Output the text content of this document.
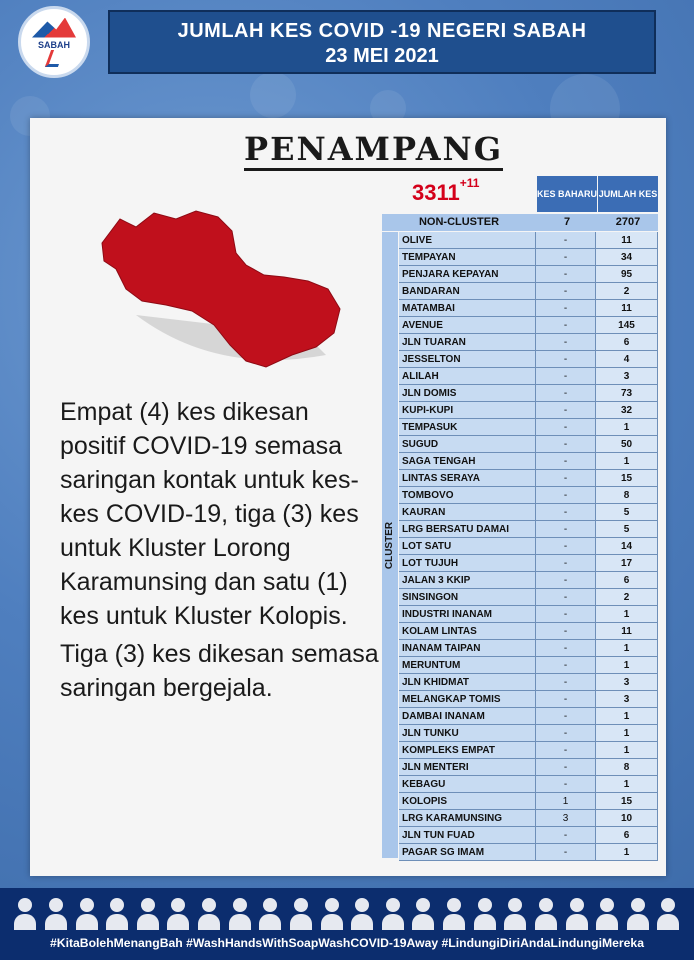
SABAH
JUMLAH KES COVID -19 NEGERI SABAH
23 MEI 2021
PENAMPANG

Empat (4) kes dikesan positif COVID-19 semasa saringan kontak untuk kes-kes COVID-19, tiga (3) kes untuk Kluster Lorong Karamunsing dan satu (1) kes untuk Kluster Kolopis.

Tiga (3) kes dikesan semasa saringan bergejala.

$3311^{+11}$
KES BAHARU JUMLAH KES
NON-CLUSTER	7	2707
CLUSTER
OLIVE	-	11
TEMPAYAN	-	34
PENJARA KEPAYAN	-	95
BANDARAN	-	2
MATAMBAI	-	11
AVENUE	-	145
JLN TUARAN	-	6
JESSELTON	-	4
ALILAH	-	3
JLN DOMIS	-	73
KUPI-KUPI	-	32
TEMPASUK	-	1
SUGUD	-	50
SAGA TENGAH	-	1
LINTAS SERAYA	-	15
TOMBOVO	-	8
KAURAN	-	5
LRG BERSATU DAMAI	-	5
LOT SATU	-	14
LOT TUJUH	-	17
JALAN 3 KKIP	-	6
SINSINGON	-	2
INDUSTRI INANAM	-	1
KOLAM LINTAS	-	11
INANAM TAIPAN	-	1
MERUNTUM	-	1
JLN KHIDMAT	-	3
MELANGKAP TOMIS	-	3
DAMBAI INANAM	-	1
JLN TUNKU	-	1
KOMPLEKS EMPAT	-	1
JLN MENTERI	-	8
KEBAGU	-	1
KOLOPIS	1	15
LRG KARAMUNSING	3	10
JLN TUN FUAD	-	6
PAGAR SG IMAM	-	1
#KitaBolehMenangBah #WashHandsWithSoapWashCOVID-19Away #LindungiDiriAndaLindungiMereka
